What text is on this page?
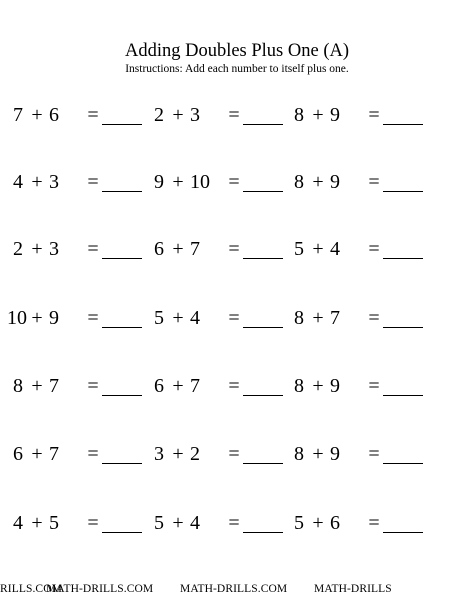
Adding Doubles Plus One (A)
Instructions: Add each number to itself plus one.
7 + 6	=	2 + 3	=	8 + 9	=
4 + 3	=	9 + 10 =	8 + 9	=
2 + 3	=	6 + 7	=	5 + 4	=
10 + 9	=	5 + 4	=	8 + 7	=
8 + 7	=	6 + 7	=	8 + 9	=
6 + 7	=	3 + 2	=	8 + 9	=
4 + 5	=	5 + 4	=	5 + 6	=
RILLS.COM
MATH-DRILLS.COM MATH-DRILLS.COM MATH-DRILLS
